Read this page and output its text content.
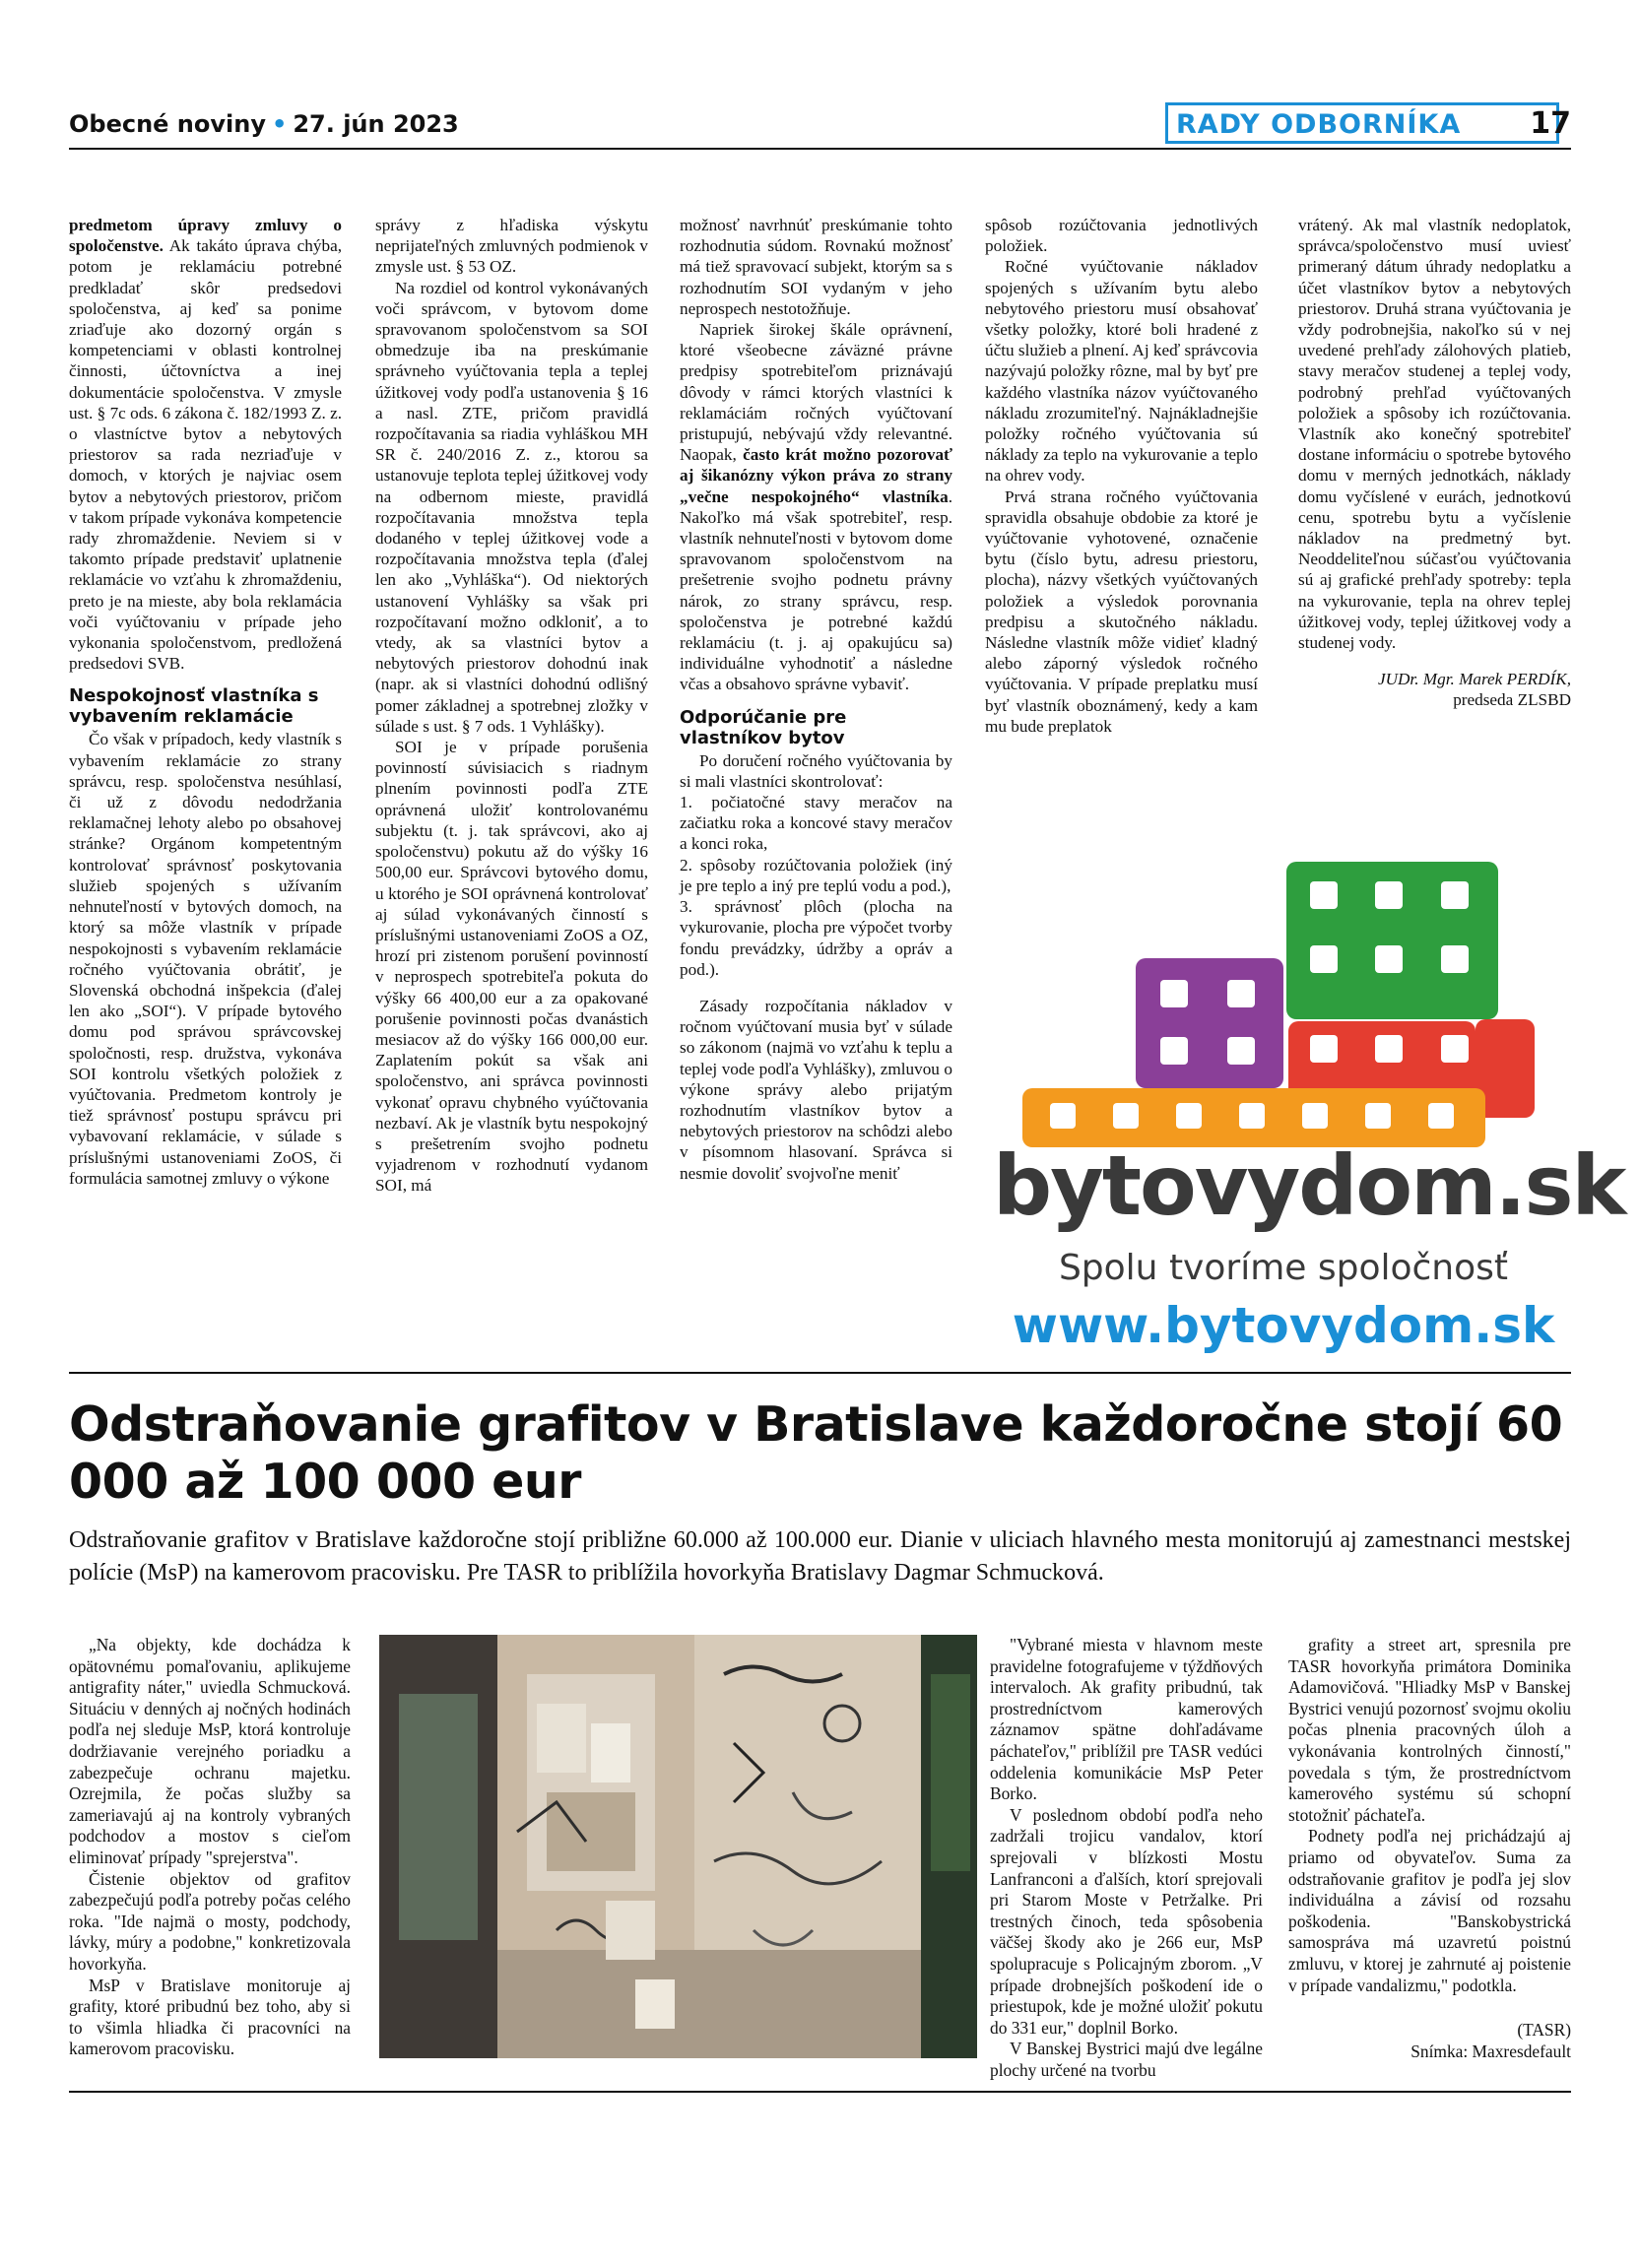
Obecné noviny • 27. jún 2023	RADY ODBORNÍKA	17

predmetom úpravy zmluvy o spoločenstve. Ak takáto úprava chýba, potom je reklamáciu potrebné predkladať skôr predsedovi spoločenstva, aj keď sa ponime zriaďuje ako dozorný orgán s kompetenciami v oblasti kontrolnej činnosti, účtovníctva a inej dokumentácie spoločenstva. V zmysle ust. § 7c ods. 6 zákona č. 182/1993 Z. z. o vlastníctve bytov a nebytových priestorov sa rada nezriaďuje v domoch, v ktorých je najviac osem bytov a nebytových priestorov, pričom v takom prípade vykonáva kompetencie rady zhromaždenie. Neviem si v takomto prípade predstaviť uplatnenie reklamácie vo vzťahu k zhromaždeniu, preto je na mieste, aby bola reklamácia voči vyúčtovaniu v prípade jeho vykonania spoločenstvom, predložená predsedovi SVB.

Nespokojnosť vlastníka s vybavením reklamácie

Čo však v prípadoch, kedy vlastník s vybavením reklamácie zo strany správcu, resp. spoločenstva nesúhlasí, či už z dôvodu nedodržania reklamačnej lehoty alebo po obsahovej stránke? Orgánom kompetentným kontrolovať správnosť poskytovania služieb spojených s užívaním nehnuteľností v bytových domoch, na ktorý sa môže vlastník v prípade nespokojnosti s vybavením reklamácie ročného vyúčtovania obrátiť, je Slovenská obchodná inšpekcia (ďalej len ako „SOI“). V prípade bytového domu pod správou správcovskej spoločnosti, resp. družstva, vykonáva SOI kontrolu všetkých položiek z vyúčtovania. Predmetom kontroly je tiež správnosť postupu správcu pri vybavovaní reklamácie, v súlade s príslušnými ustanoveniami ZoOS, či formulácia samotnej zmluvy o výkone

správy z hľadiska výskytu neprijateľných zmluvných podmienok v zmysle ust. § 53 OZ.

Na rozdiel od kontrol vykonávaných voči správcom, v bytovom dome spravovanom spoločenstvom sa SOI obmedzuje iba na preskúmanie správneho vyúčtovania tepla a teplej úžitkovej vody podľa ustanovenia § 16 a nasl. ZTE, pričom pravidlá rozpočítavania sa riadia vyhláškou MH SR č. 240/2016 Z. z., ktorou sa ustanovuje teplota teplej úžitkovej vody na odbernom mieste, pravidlá rozpočítavania množstva tepla dodaného v teplej úžitkovej vode a rozpočítavania množstva tepla (ďalej len ako „Vyhláška“). Od niektorých ustanovení Vyhlášky sa však pri rozpočítavaní možno odkloniť, a to vtedy, ak sa vlastníci bytov a nebytových priestorov dohodnú inak (napr. ak si vlastníci dohodnú odlišný pomer základnej a spotrebnej zložky v súlade s ust. § 7 ods. 1 Vyhlášky).

SOI je v prípade porušenia povinností súvisiacich s riadnym plnením povinnosti podľa ZTE oprávnená uložiť kontrolovanému subjektu (t. j. tak správcovi, ako aj spoločenstvu) pokutu až do výšky 16 500,00 eur. Správcovi bytového domu, u ktorého je SOI oprávnená kontrolovať aj súlad vykonávaných činností s príslušnými ustanoveniami ZoOS a OZ, hrozí pri zistenom porušení povinností v neprospech spotrebiteľa pokuta do výšky 66 400,00 eur a za opakované porušenie povinnosti počas dvanástich mesiacov až do výšky 166 000,00 eur. Zaplatením pokút sa však ani spoločenstvo, ani správca povinnosti vykonať opravu chybného vyúčtovania nezbaví. Ak je vlastník bytu nespokojný s prešetrením svojho podnetu vyjadrenom v rozhodnutí vydanom SOI, má

možnosť navrhnúť preskúmanie tohto rozhodnutia súdom. Rovnakú možnosť má tiež spravovací subjekt, ktorým sa s rozhodnutím SOI vydaným v jeho neprospech nestotožňuje.

Napriek širokej škále oprávnení, ktoré všeobecne záväzné právne predpisy spotrebiteľom priznávajú dôvody v rámci ktorých vlastníci k reklamáciám ročných vyúčtovaní pristupujú, nebývajú vždy relevantné. Naopak, často krát možno pozorovať aj šikanózny výkon práva zo strany „večne nespokojného“ vlastníka. Nakoľko má však spotrebiteľ, resp. vlastník nehnuteľnosti v bytovom dome spravovanom spoločenstvom na prešetrenie svojho podnetu právny nárok, zo strany správcu, resp. spoločenstva je potrebné každú reklamáciu (t. j. aj opakujúcu sa) individuálne vyhodnotiť a následne včas a obsahovo správne vybaviť.

Odporúčanie pre vlastníkov bytov

Po doručení ročného vyúčtovania by si mali vlastníci skontrolovať:

1. počiatočné stavy meračov na začiatku roka a koncové stavy meračov a konci roka,

2. spôsoby rozúčtovania položiek (iný je pre teplo a iný pre teplú vodu a pod.),

3. správnosť plôch (plocha na vykurovanie, plocha pre výpočet tvorby fondu prevádzky, údržby a opráv a pod.).

Zásady rozpočítania nákladov v ročnom vyúčtovaní musia byť v súlade so zákonom (najmä vo vzťahu k teplu a teplej vode podľa Vyhlášky), zmluvou o výkone správy alebo prijatým rozhodnutím vlastníkov bytov a nebytových priestorov na schôdzi alebo v písomnom hlasovaní. Správca si nesmie dovoliť svojvoľne meniť

spôsob rozúčtovania jednotlivých položiek.

Ročné vyúčtovanie nákladov spojených s užívaním bytu alebo nebytového priestoru musí obsahovať všetky položky, ktoré boli hradené z účtu služieb a plnení. Aj keď správcovia nazývajú položky rôzne, mal by byť pre každého vlastníka názov vyúčtovaného nákladu zrozumiteľný. Najnákladnejšie položky ročného vyúčtovania sú náklady za teplo na vykurovanie a teplo na ohrev vody.

Prvá strana ročného vyúčtovania spravidla obsahuje obdobie za ktoré je vyúčtovanie vyhotovené, označenie bytu (číslo bytu, adresu priestoru, plocha), názvy všetkých vyúčtovaných položiek a výsledok porovnania predpisu a skutočného nákladu. Následne vlastník môže vidieť kladný alebo záporný výsledok ročného vyúčtovania. V prípade preplatku musí byť vlastník oboznámený, kedy a kam mu bude preplatok

vrátený. Ak mal vlastník nedoplatok, správca/spoločenstvo musí uviesť primeraný dátum úhrady nedoplatku a účet vlastníkov bytov a nebytových priestorov. Druhá strana vyúčtovania je vždy podrobnejšia, nakoľko sú v nej uvedené prehľady zálohových platieb, stavy meračov studenej a teplej vody, podrobný prehľad vyúčtovaných položiek a spôsoby ich rozúčtovania. Vlastník ako konečný spotrebiteľ dostane informáciu o spotrebe bytového domu v merných jednotkách, náklady domu vyčíslené v eurách, jednotkovú cenu, spotrebu bytu a vyčíslenie nákladov na predmetný byt. Neoddeliteľnou súčasťou vyúčtovania sú aj grafické prehľady spotreby: tepla na vykurovanie, tepla na ohrev teplej úžitkovej vody, teplej úžitkovej vody a studenej vody.

JUDr. Mgr. Marek PERDÍK,
predseda ZLSBD
bytovydom.sk
Spolu tvoríme spoločnosť
www.bytovydom.sk
Odstraňovanie grafitov v Bratislave každoročne stojí 60 000 až 100 000 eur
Odstraňovanie grafitov v Bratislave každoročne stojí približne 60.000 až 100.000 eur. Dianie v uliciach hlavného mesta monitorujú aj zamestnanci mestskej polície (MsP) na kamerovom pracovisku. Pre TASR to priblížila hovorkyňa Bratislavy Dagmar Schmucková.

„Na objekty, kde dochádza k opätovnému pomaľovaniu, aplikujeme antigrafity náter," uviedla Schmucková. Situáciu v denných aj nočných hodinách podľa nej sleduje MsP, ktorá kontroluje dodržiavanie verejného poriadku a zabezpečuje ochranu majetku. Ozrejmila, že počas služby sa zameriavajú aj na kontroly vybraných podchodov a mostov s cieľom eliminovať prípady "sprejerstva".

Čistenie objektov od grafitov zabezpečujú podľa potreby počas celého roka. "Ide najmä o mosty, podchody, lávky, múry a podobne," konkretizovala hovorkyňa.

MsP v Bratislave monitoruje aj grafity, ktoré pribudnú bez toho, aby si to všimla hliadka či pracovníci na kamerovom pracovisku.

"Vybrané miesta v hlavnom meste pravidelne fotografujeme v týždňových intervaloch. Ak grafity pribudnú, tak prostredníctvom kamerových záznamov spätne dohľadávame páchateľov," priblížil pre TASR vedúci oddelenia komunikácie MsP Peter Borko.

V poslednom období podľa neho zadržali trojicu vandalov, ktorí sprejovali v blízkosti Mostu Lanfranconi a ďalších, ktorí sprejovali pri Starom Moste v Petržalke. Pri trestných činoch, teda spôsobenia väčšej škody ako je 266 eur, MsP spolupracuje s Policajným zborom. „V prípade drobnejších poškodení ide o priestupok, kde je možné uložiť pokutu do 331 eur," doplnil Borko.

V Banskej Bystrici majú dve legálne plochy určené na tvorbu

grafity a street art, spresnila pre TASR hovorkyňa primátora Dominika Adamovičová. "Hliadky MsP v Banskej Bystrici venujú pozornosť svojmu okoliu počas plnenia pracovných úloh a vykonávania kontrolných činností," povedala s tým, že prostredníctvom kamerového systému sú schopní stotožniť páchateľa.

Podnety podľa nej prichádzajú aj priamo od obyvateľov. Suma za odstraňovanie grafitov je podľa jej slov individuálna a závisí od rozsahu poškodenia. "Banskobystrická samospráva má uzavretú poistnú zmluvu, v ktorej je zahrnuté aj poistenie v prípade vandalizmu," podotkla.

(TASR)
Snímka: Maxresdefault
